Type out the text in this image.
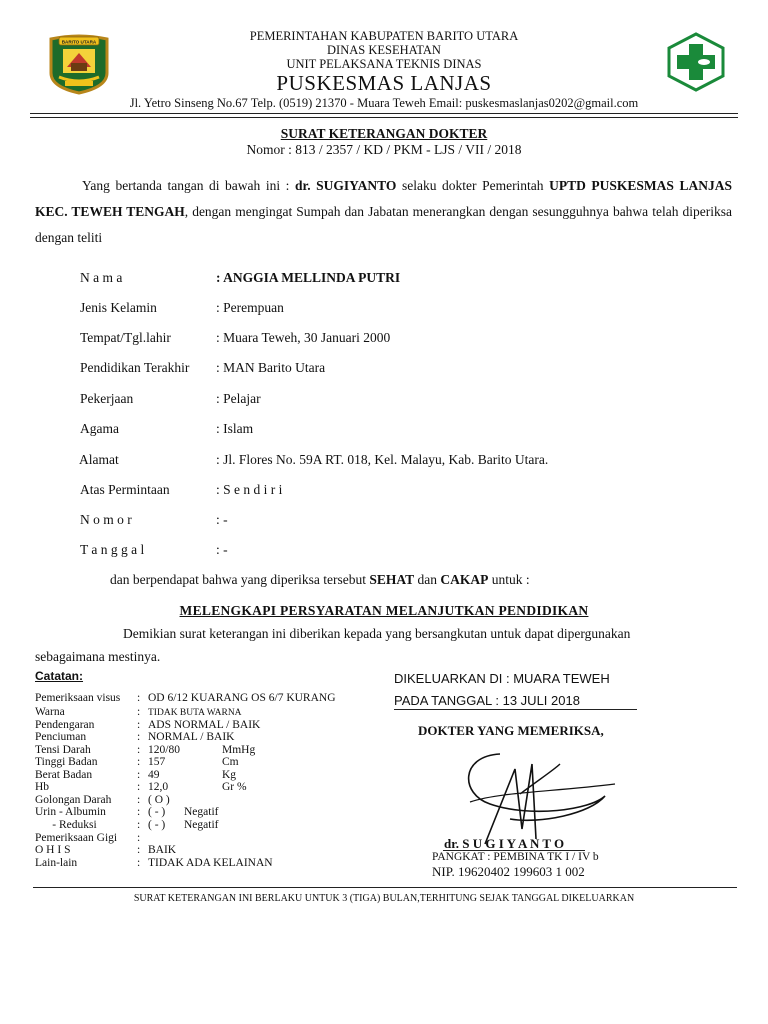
BARITO UTARA	PEMERINTAHAN KABUPATEN BARITO UTARA
DINAS KESEHATAN
UNIT PELAKSANA TEKNIS DINAS
PUSKESMAS LANJAS
Jl. Yetro Sinseng No.67 Telp. (0519) 21370 - Muara Teweh Email: puskesmaslanjas0202@gmail.com
SURAT KETERANGAN DOKTER
Nomor : 813 / 2357 / KD / PKM - LJS / VII / 2018
Yang bertanda tangan di bawah ini : dr. SUGIYANTO selaku dokter Pemerintah UPTD PUSKESMAS LANJAS KEC. TEWEH TENGAH, dengan mengingat Sumpah dan Jabatan menerangkan dengan sesungguhnya bahwa telah diperiksa dengan teliti
N a m a	: ANGGIA MELLINDA PUTRI
Jenis Kelamin	: Perempuan
Tempat/Tgl.lahir	: Muara Teweh, 30 Januari 2000
Pendidikan Terakhir : MAN Barito Utara
Pekerjaan	: Pelajar
Agama	: Islam
Alamat	: Jl. Flores No. 59A RT. 018, Kel. Malayu, Kab. Barito Utara.
Atas Permintaan	: S e n d i r i
N o m o r	: -
T a n g g a l	: -
dan berpendapat bahwa yang diperiksa tersebut SEHAT dan CAKAP untuk :
MELENGKAPI PERSYARATAN MELANJUTKAN PENDIDIKAN
Demikian surat keterangan ini diberikan kepada yang bersangkutan untuk dapat dipergunakan
sebagaimana mestinya.
Catatan:
Pemeriksaan visus : OD 6/12 KUARANG OS 6/7 KURANG
Warna	: TIDAK BUTA WARNA
Pendengaran	: ADS NORMAL / BAIK
Penciuman	: NORMAL / BAIK
Tensi Darah	: 120/80	MmHg
Tinggi Badan	: 157	Cm
Berat Badan	: 49	Kg
Hb	: 12,0	Gr %
Golongan Darah : ( O )
Urin - Albumin	: ( - ) Negatif
- Reduksi	: ( - ) Negatif
Pemeriksaan Gigi :
O H I S	: BAIK
Lain-lain	: TIDAK ADA KELAINAN
DIKELUARKAN DI : MUARA TEWEH
PADA TANGGAL : 13 JULI 2018
DOKTER YANG MEMERIKSA,
dr. S U G I Y A N T O
PANGKAT : PEMBINA TK I / IV b
NIP. 19620402 199603 1 002
SURAT KETERANGAN INI BERLAKU UNTUK 3 (TIGA) BULAN,TERHITUNG SEJAK TANGGAL DIKELUARKAN
